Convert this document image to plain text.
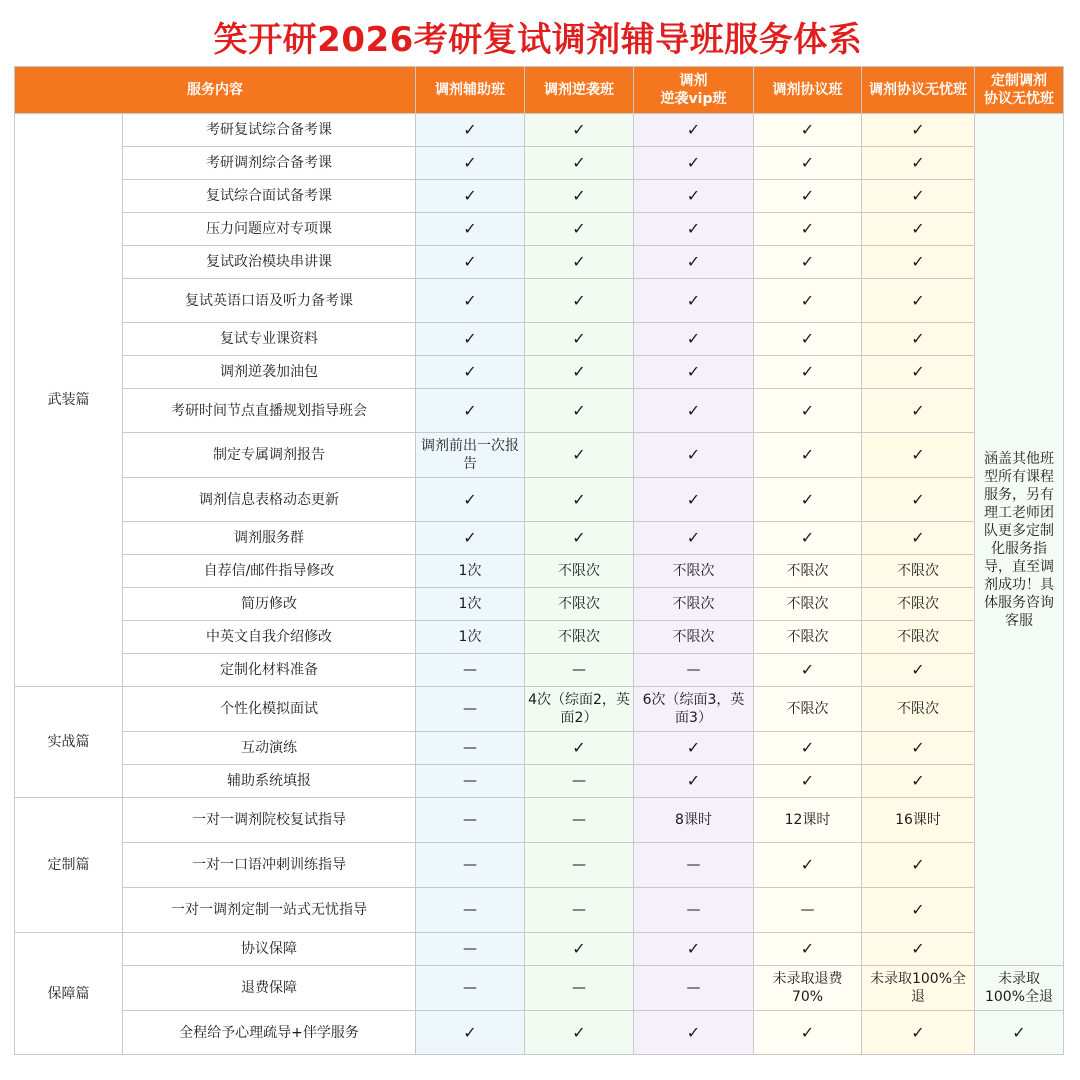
笑开研2026考研复试调剂辅导班服务体系
服务内容		调剂辅助班	调剂逆袭班	调剂
逆袭vip班	调剂协议班	调剂协议无忧班	定制调剂
协议无忧班
武装篇	考研复试综合备考课	✓	✓	✓	✓	✓	涵盖其他班型所有课程服务，另有理工老师团队更多定制化服务指导，直至调剂成功！具体服务咨询客服
	考研调剂综合备考课	✓	✓	✓	✓	✓	
	复试综合面试备考课	✓	✓	✓	✓	✓	
	压力问题应对专项课	✓	✓	✓	✓	✓	
	复试政治模块串讲课	✓	✓	✓	✓	✓	
	复试英语口语及听力备考课	✓	✓	✓	✓	✓	
	复试专业课资料	✓	✓	✓	✓	✓	
	调剂逆袭加油包	✓	✓	✓	✓	✓	
	考研时间节点直播规划指导班会	✓	✓	✓	✓	✓	
	制定专属调剂报告	调剂前出一次报告	✓	✓	✓	✓	
	调剂信息表格动态更新	✓	✓	✓	✓	✓	
	调剂服务群	✓	✓	✓	✓	✓	
	自荐信/邮件指导修改	1次	不限次	不限次	不限次	不限次	
	简历修改	1次	不限次	不限次	不限次	不限次	
	中英文自我介绍修改	1次	不限次	不限次	不限次	不限次	
	定制化材料准备	—	—	—	✓	✓	
实战篇	个性化模拟面试	—	4次（综面2，英面2）	6次（综面3，英面3）	不限次	不限次	
	互动演练	—	✓	✓	✓	✓	
	辅助系统填报	—	—	✓	✓	✓	
定制篇	一对一调剂院校复试指导	—	—	8课时	12课时	16课时	
	一对一口语冲刺训练指导	—	—	—	✓	✓	
	一对一调剂定制一站式无忧指导	—	—	—	—	✓	
保障篇	协议保障	—	✓	✓	✓	✓	
	退费保障	—	—	—	未录取退费70%	未录取100%全退	未录取100%全退
	全程给予心理疏导+伴学服务	✓	✓	✓	✓	✓	✓
